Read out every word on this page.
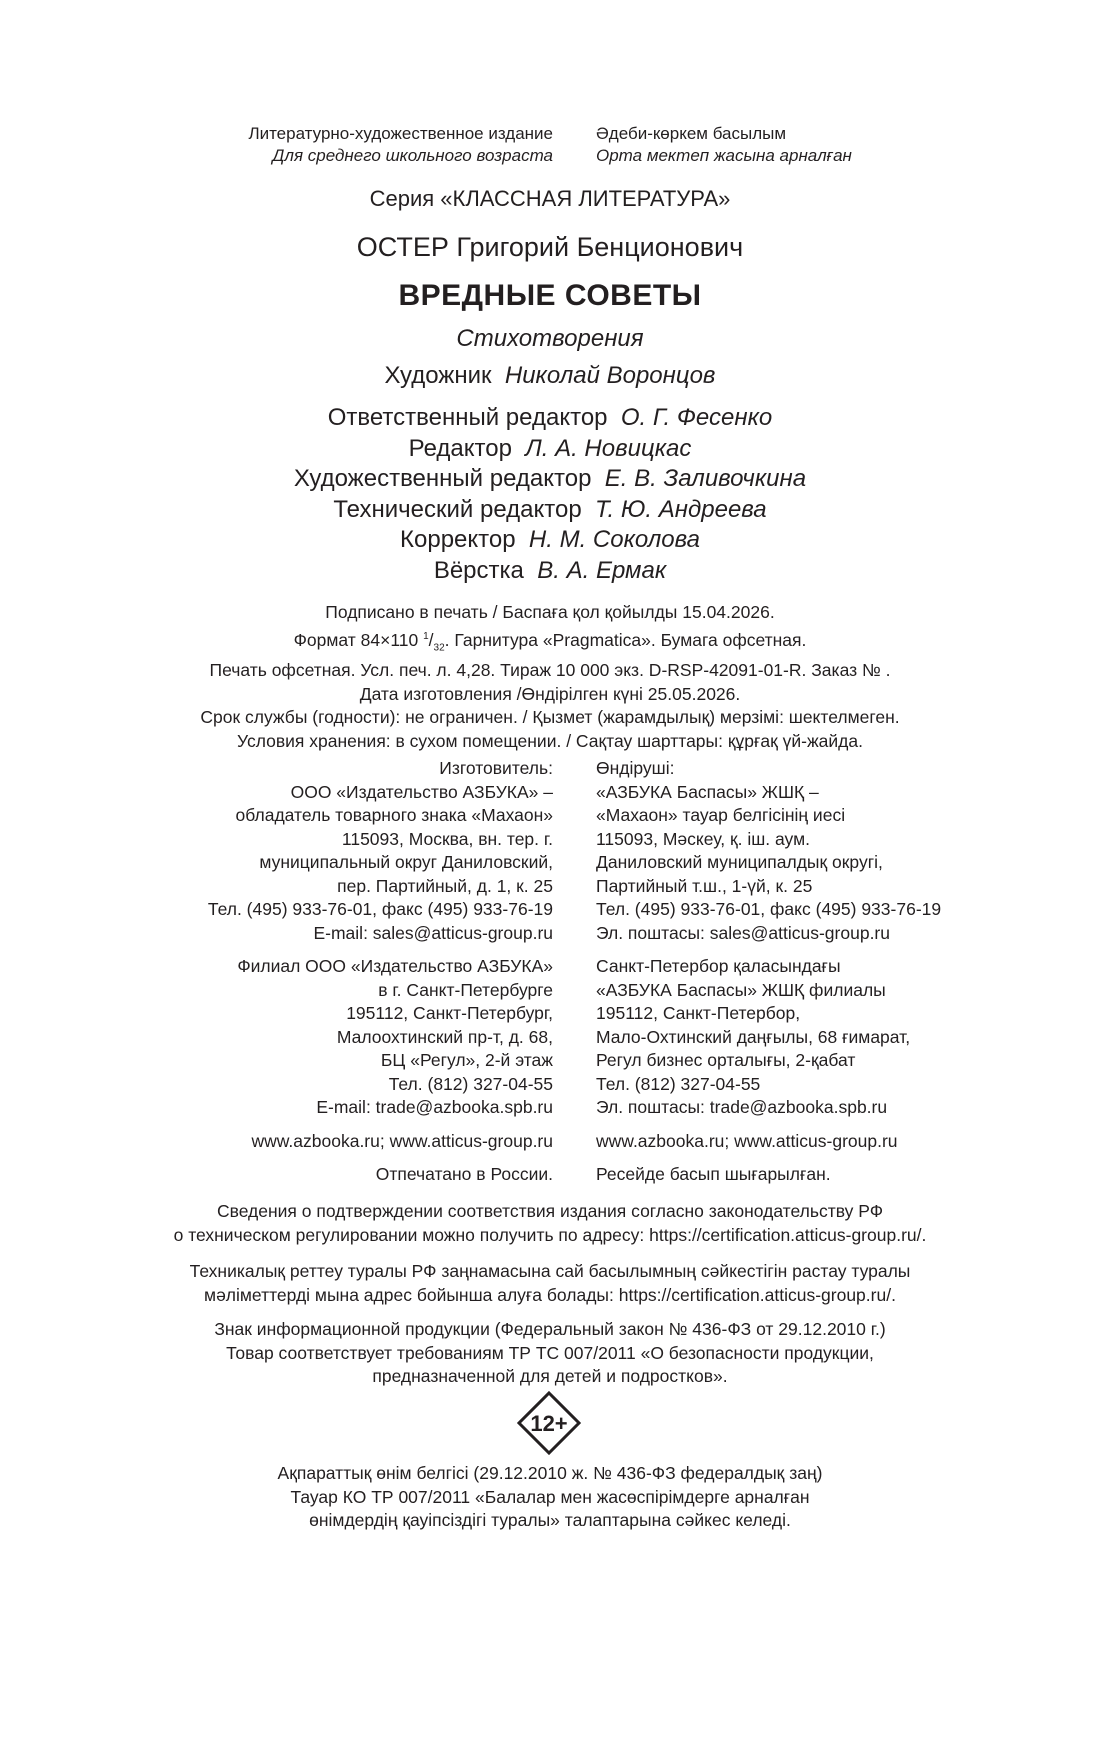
Литературно-художественное издание
Для среднего школьного возраста
Әдеби-көркем басылым
Орта мектеп жасына арналған
Серия «КЛАССНАЯ ЛИТЕРАТУРА»
ОСТЕР Григорий Бенционович
ВРЕДНЫЕ СОВЕТЫ
Стихотворения
Художник Николай Воронцов
Ответственный редактор О. Г. Фесенко
Редактор Л. А. Новицкас
Художественный редактор Е. В. Заливочкина
Технический редактор Т. Ю. Андреева
Корректор Н. М. Соколова
Вёрстка В. А. Ермак
Подписано в печать / Баспаға қол қойылды 15.04.2026.
Формат 84×110 $^1/_{32}$. Гарнитура «Pragmatica». Бумага офсетная.
Печать офсетная. Усл. печ. л. 4,28. Тираж 10 000 экз. D-RSP-42091-01-R. Заказ № .
Дата изготовления /Өндірілген күні 25.05.2026.
Срок службы (годности): не ограничен. / Қызмет (жарамдылық) мерзімі: шектелмеген.
Условия хранения: в сухом помещении. / Сақтау шарттары: құрғақ үй-жайда.
Изготовитель:
ООО «Издательство АЗБУКА» –
обладатель товарного знака «Махаон»
115093, Москва, вн. тер. г.
муниципальный округ Даниловский,
пер. Партийный, д. 1, к. 25
Тел. (495) 933-76-01, факс (495) 933-76-19
E-mail: sales@atticus-group.ru
Филиал ООО «Издательство АЗБУКА»
в г. Санкт-Петербурге
195112, Санкт-Петербург,
Малоохтинский пр-т, д. 68,
БЦ «Регул», 2-й этаж
Тел. (812) 327-04-55
E-mail: trade@azbooka.spb.ru
www.azbooka.ru; www.atticus-group.ru
Отпечатано в России.
Өндіруші:
«АЗБУКА Баспасы» ЖШҚ –
«Махаон» тауар белгісінің иесі
115093, Мәскеу, қ. іш. аум.
Даниловский муниципалдық округі,
Партийный т.ш., 1-үй, к. 25
Тел. (495) 933-76-01, факс (495) 933-76-19
Эл. поштасы: sales@atticus-group.ru
Санкт-Петербор қаласындағы
«АЗБУКА Баспасы» ЖШҚ филиалы
195112, Санкт-Петербор,
Мало-Охтинский даңғылы, 68 ғимарат,
Регул бизнес орталығы, 2-қабат
Тел. (812) 327-04-55
Эл. поштасы: trade@azbooka.spb.ru
www.azbooka.ru; www.atticus-group.ru
Ресейде басып шығарылған.
Сведения о подтверждении соответствия издания согласно законодательству РФ
о техническом регулировании можно получить по адресу: https://certification.atticus-group.ru/.
Техникалық реттеу туралы РФ заңнамасына сай басылымның сәйкестігін растау туралы
мәліметтерді мына адрес бойынша алуға болады: https://certification.atticus-group.ru/.
Знак информационной продукции (Федеральный закон № 436-ФЗ от 29.12.2010 г.)
Товар соответствует требованиям ТР ТС 007/2011 «О безопасности продукции,
предназначенной для детей и подростков».
12+
Ақпараттық өнім белгісі (29.12.2010 ж. № 436-ФЗ федералдық заң)
Тауар КО ТР 007/2011 «Балалар мен жасөспірімдерге арналған
өнімдердің қауіпсіздігі туралы» талаптарына сәйкес келеді.
